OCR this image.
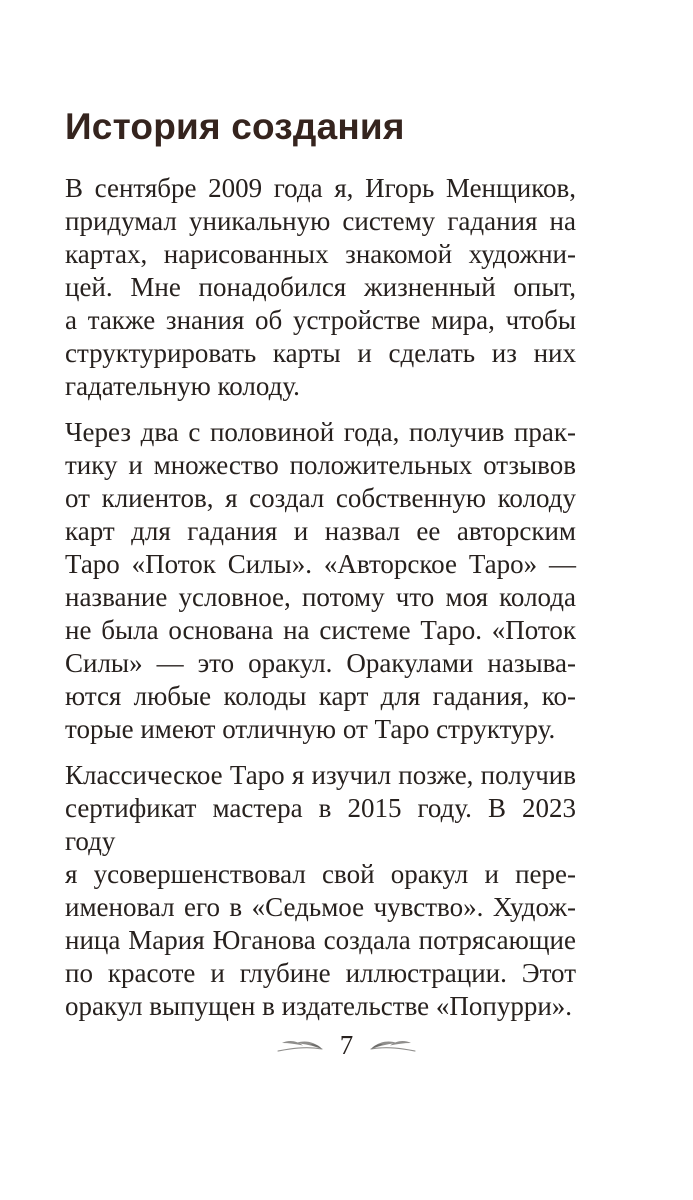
История создания

В сентябре 2009 года я, Игорь Менщиков,
придумал уникальную систему гадания на
картах, нарисованных знакомой художни-
цей. Мне понадобился жизненный опыт,
а также знания об устройстве мира, чтобы
структурировать карты и сделать из них
гадательную колоду.

Через два с половиной года, получив прак-
тику и множество положительных отзывов
от клиентов, я создал собственную колоду
карт для гадания и назвал ее авторским
Таро «Поток Силы». «Авторское Таро» —
название условное, потому что моя колода
не была основана на системе Таро. «Поток
Силы» — это оракул. Оракулами называ-
ются любые колоды карт для гадания, ко-
торые имеют отличную от Таро структуру.

Классическое Таро я изучил позже, получив
сертификат мастера в 2015 году. В 2023 году
я усовершенствовал свой оракул и пере-
именовал его в «Седьмое чувство». Худож-
ница Мария Юганова создала потрясающие
по красоте и глубине иллюстрации. Этот
оракул выпущен в издательстве «Попурри».

7
